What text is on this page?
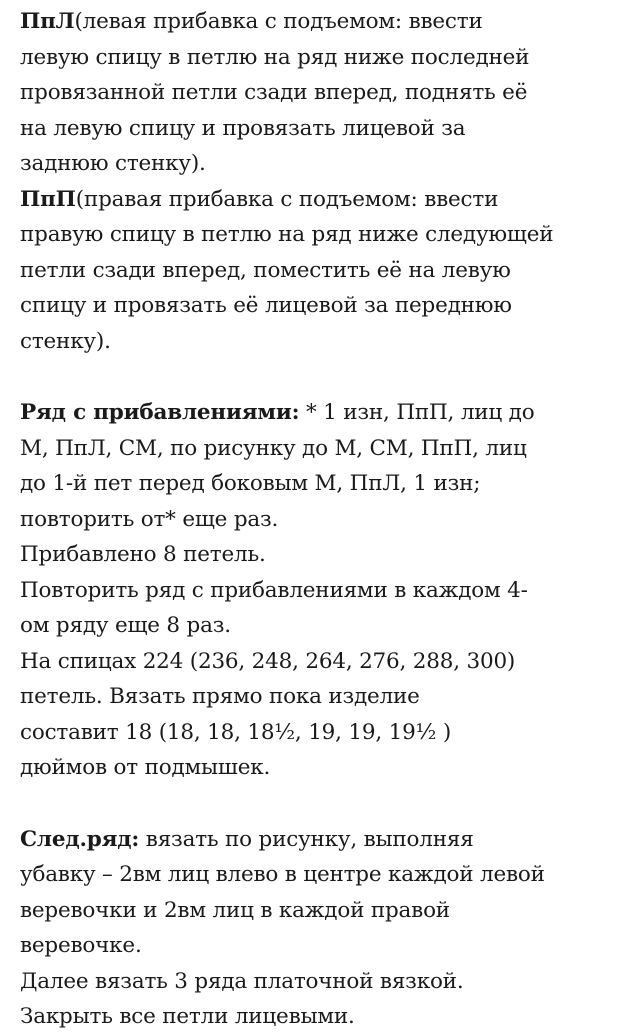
ПпЛ(левая прибавка с подъемом: ввести
левую спицу в петлю на ряд ниже последней
провязанной петли сзади вперед, поднять её
на левую спицу и провязать лицевой за
заднюю стенку).
ПпП(правая прибавка с подъемом: ввести
правую спицу в петлю на ряд ниже следующей
петли сзади вперед, поместить её на левую
спицу и провязать её лицевой за переднюю
стенку).
Ряд с прибавлениями: * 1 изн, ПпП, лиц до
М, ПпЛ, СМ, по рисунку до М, СМ, ПпП, лиц
до 1-й пет перед боковым М, ПпЛ, 1 изн;
повторить от* еще раз.
Прибавлено 8 петель.
Повторить ряд с прибавлениями в каждом 4-
ом ряду еще 8 раз.
На спицах 224 (236, 248, 264, 276, 288, 300)
петель. Вязать прямо пока изделие
составит 18 (18, 18, 18½, 19, 19, 19½ )
дюймов от подмышек.
След.ряд: вязать по рисунку, выполняя
убавку – 2вм лиц влево в центре каждой левой
веревочки и 2вм лиц в каждой правой
веревочке.
Далее вязать 3 ряда платочной вязкой.
Закрыть все петли лицевыми.
